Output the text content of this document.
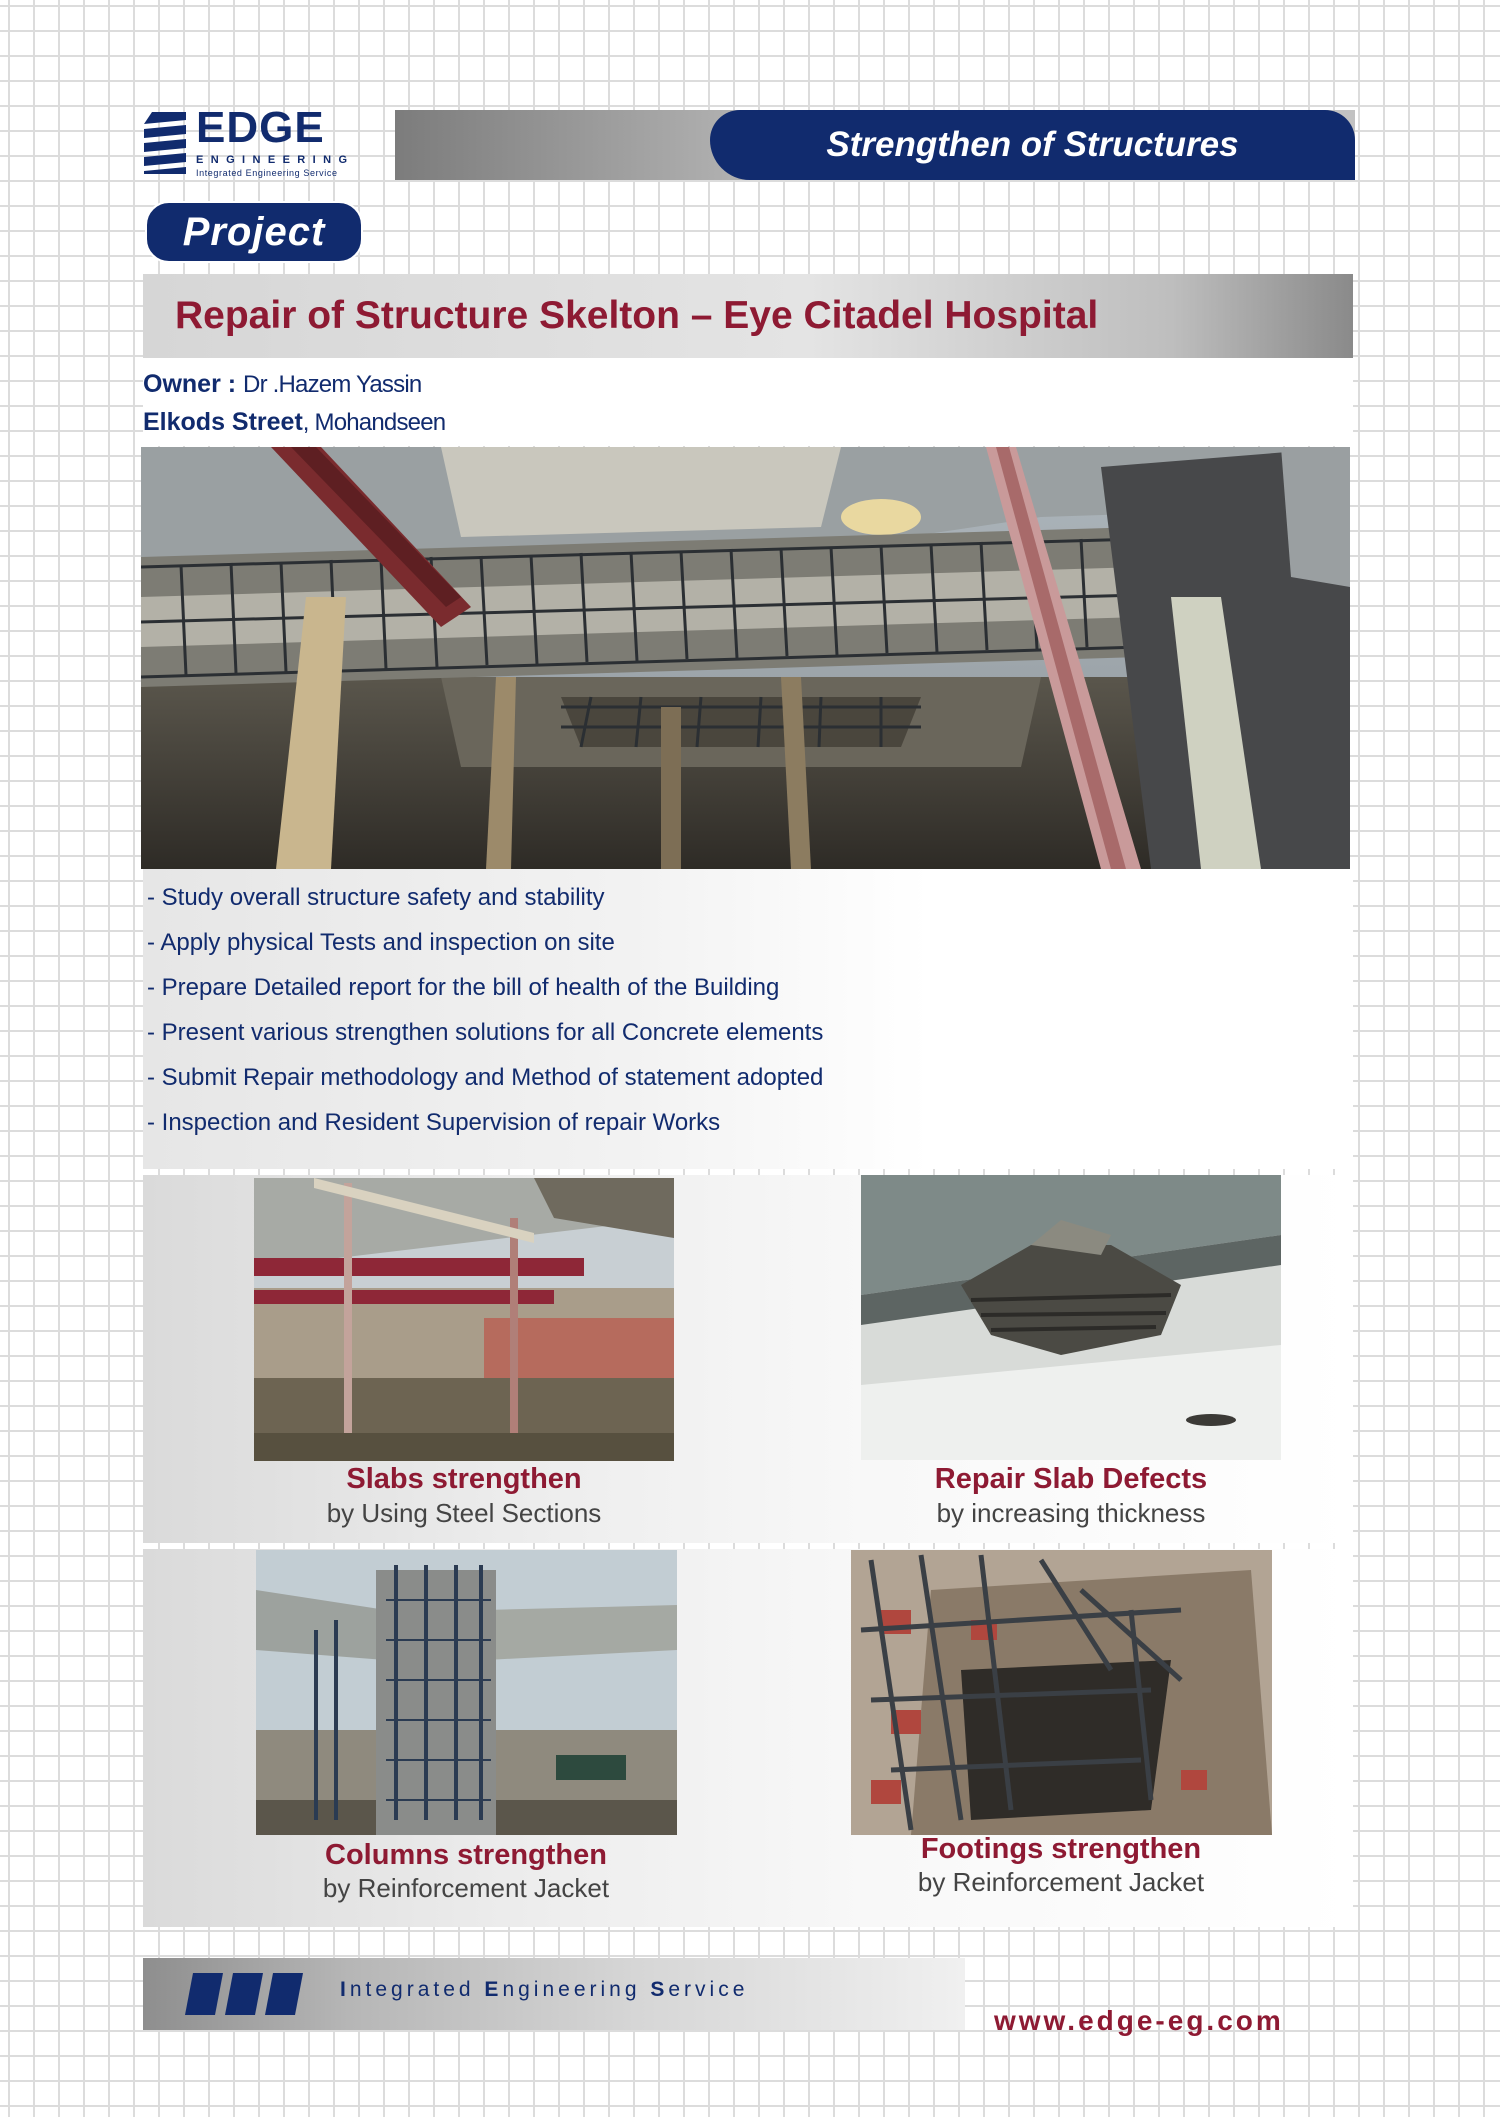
EDGE
ENGINEERING
Integrated Engineering Service
Strengthen of Structures
Project
Repair of Structure Skelton – Eye Citadel Hospital
Owner : Dr .Hazem Yassin
Elkods Street, Mohandseen
- Study overall structure safety and stability
- Apply physical Tests and inspection on site
- Prepare Detailed report for the bill of health of the Building
- Present various strengthen solutions for all Concrete elements
- Submit Repair methodology and Method of statement adopted
- Inspection and Resident Supervision of repair Works
Slabs strengthen
by Using Steel Sections
Repair Slab Defects
by increasing thickness
Columns strengthen
by Reinforcement Jacket
Footings strengthen
by Reinforcement Jacket
Integrated Engineering Service
www.edge-eg.com
